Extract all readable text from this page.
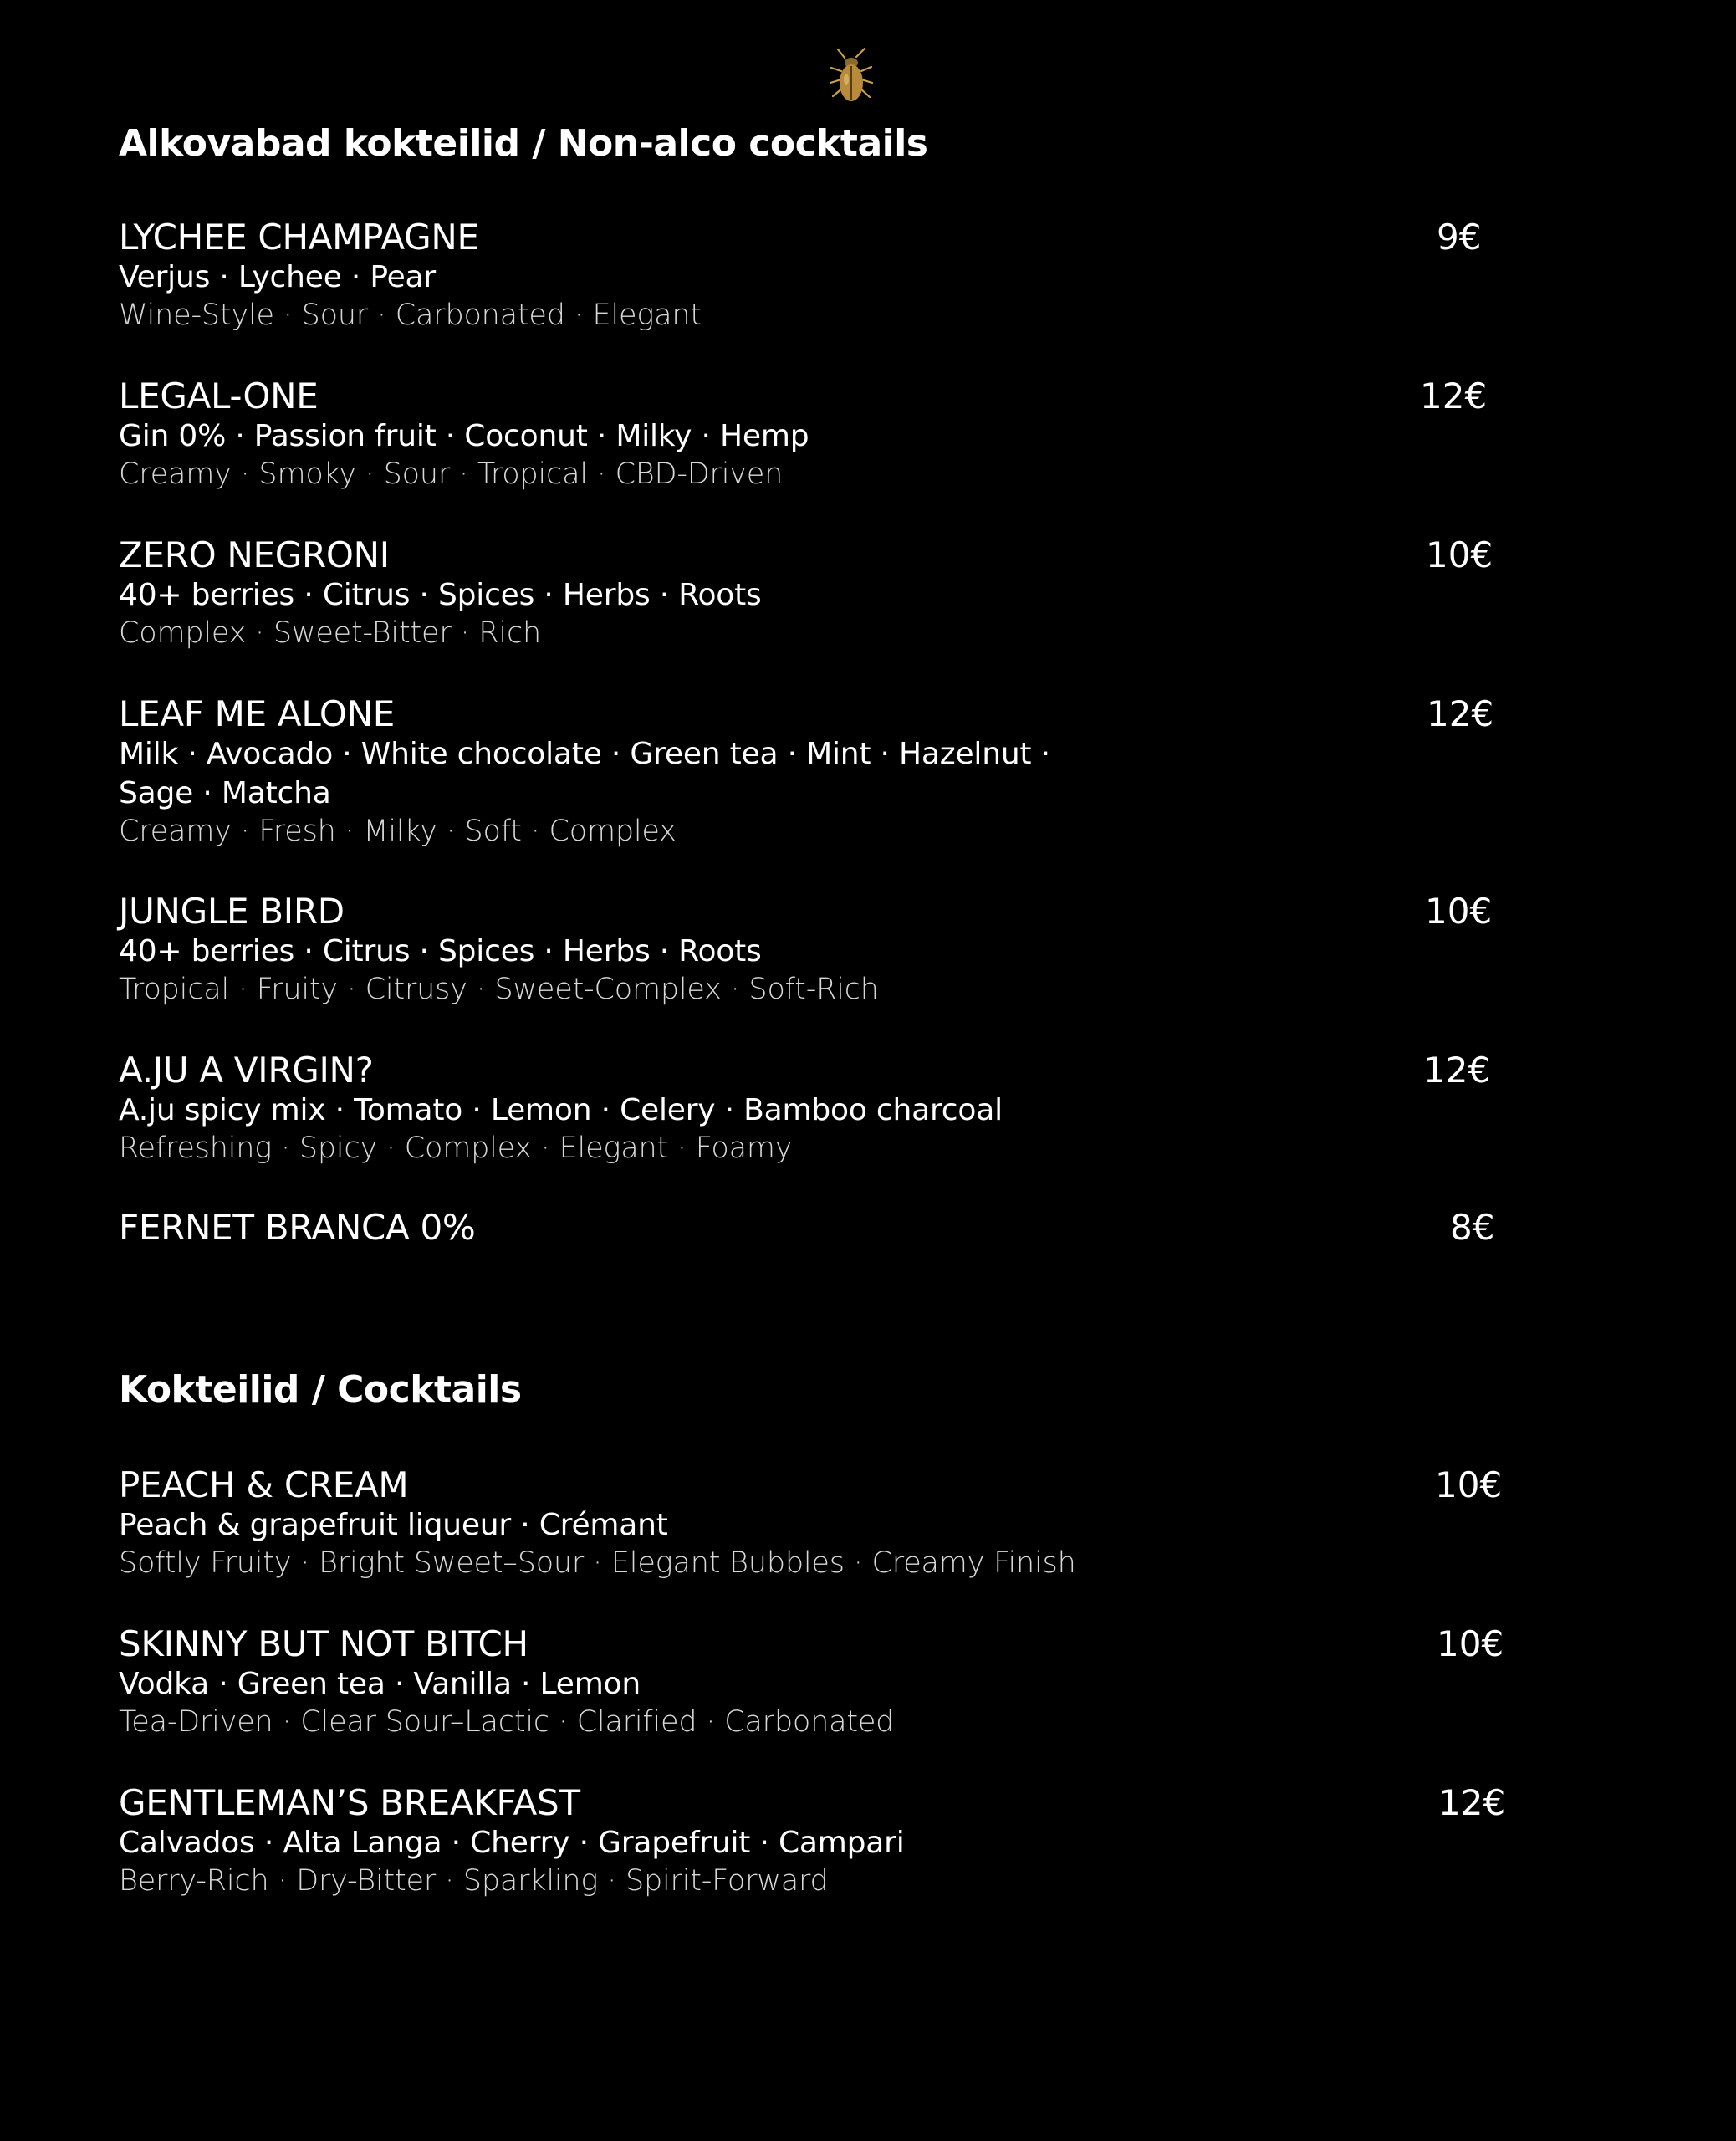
Alkovabad kokteilid / Non-alco cocktails
LYCHEE CHAMPAGNE	9€
Verjus · Lychee · Pear
Wine-Style · Sour · Carbonated · Elegant
LEGAL-ONE	12€
Gin 0% · Passion fruit · Coconut · Milky · Hemp
Creamy · Smoky · Sour · Tropical · CBD-Driven
ZERO NEGRONI	10€
40+ berries · Citrus · Spices · Herbs · Roots
Complex · Sweet-Bitter · Rich
LEAF ME ALONE	12€
Milk · Avocado · White chocolate · Green tea · Mint · Hazelnut · Sage · Matcha
Creamy · Fresh · Milky · Soft · Complex
JUNGLE BIRD	10€
40+ berries · Citrus · Spices · Herbs · Roots
Tropical · Fruity · Citrusy · Sweet-Complex · Soft-Rich
A.JU A VIRGIN?	12€
A.ju spicy mix · Tomato · Lemon · Celery · Bamboo charcoal
Refreshing · Spicy · Complex · Elegant · Foamy
FERNET BRANCA 0%	8€
Kokteilid / Cocktails
PEACH & CREAM	10€
Peach & grapefruit liqueur · Crémant
Softly Fruity · Bright Sweet–Sour · Elegant Bubbles · Creamy Finish
SKINNY BUT NOT BITCH	10€
Vodka · Green tea · Vanilla · Lemon
Tea-Driven · Clear Sour–Lactic · Clarified · Carbonated
GENTLEMAN’S BREAKFAST	12€
Calvados · Alta Langa · Cherry · Grapefruit · Campari
Berry-Rich · Dry-Bitter · Sparkling · Spirit-Forward
